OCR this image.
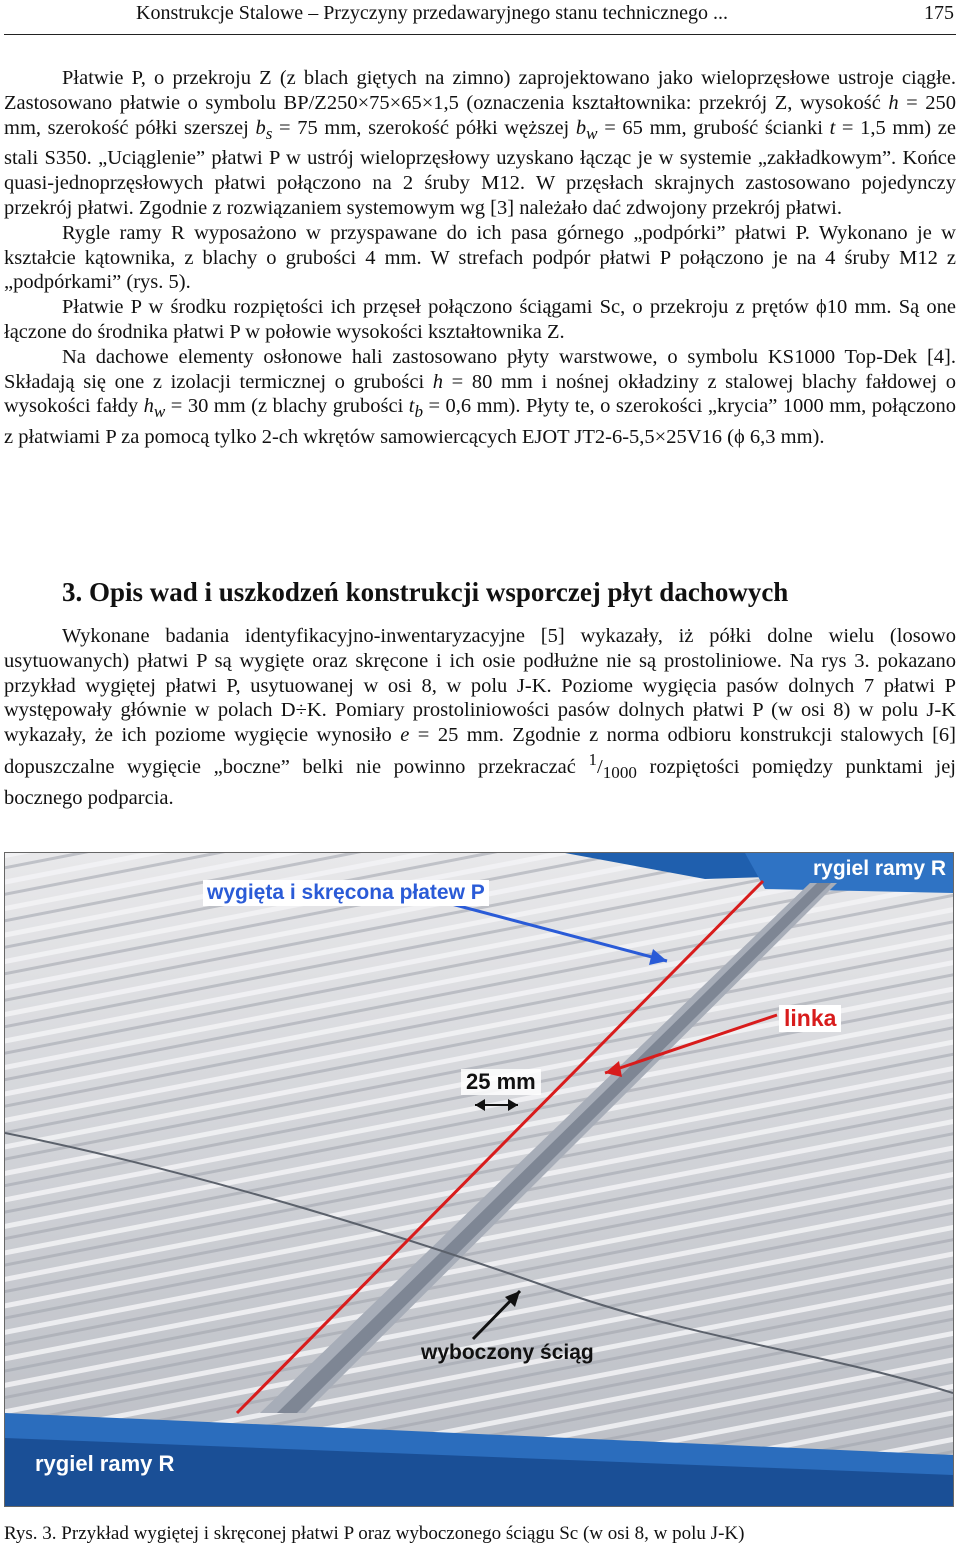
Konstrukcje Stalowe – Przyczyny przedawaryjnego stanu technicznego ...	175

Płatwie P, o przekroju Z (z blach giętych na zimno) zaprojektowano jako wieloprzęsłowe ustroje ciągłe. Zastosowano płatwie o symbolu BP/Z250×75×65×1,5 (oznaczenia kształtownika: przekrój Z, wysokość h = 250 mm, szerokość półki szerszej $b_s = 75$ mm, szerokość półki węższej $b_w = 65$ mm, grubość ścianki t = 1,5 mm) ze stali S350. „Uciąglenie” płatwi P w ustrój wieloprzęsłowy uzyskano łącząc je w systemie „zakładkowym”. Końce quasi-jednoprzęsłowych płatwi połączono na 2 śruby M12. W przęsłach skrajnych zastosowano pojedynczy przekrój płatwi. Zgodnie z rozwiązaniem systemowym wg [3] należało dać zdwojony przekrój płatwi.

Rygle ramy R wyposażono w przyspawane do ich pasa górnego „podpórki” płatwi P. Wykonano je w kształcie kątownika, z blachy o grubości 4 mm. W strefach podpór płatwi P połączono je na 4 śruby M12 z „podpórkami” (rys. 5).

Płatwie P w środku rozpiętości ich przęseł połączono ściągami Sc, o przekroju z prętów ϕ10 mm. Są one łączone do środnika płatwi P w połowie wysokości kształtownika Z.

Na dachowe elementy osłonowe hali zastosowano płyty warstwowe, o symbolu KS1000 Top-Dek [4]. Składają się one z izolacji termicznej o grubości h = 80 mm i nośnej okładziny z stalowej blachy fałdowej o wysokości fałdy $h_w = 30$ mm (z blachy grubości $t_b = 0,6$ mm). Płyty te, o szerokości „krycia” 1000 mm, połączono z płatwiami P za pomocą tylko 2-ch wkrętów samowiercących EJOT JT2-6-5,5×25V16 (ϕ 6,3 mm).

3. Opis wad i uszkodzeń konstrukcji wsporczej płyt dachowych

Wykonane badania identyfikacyjno-inwentaryzacyjne [5] wykazały, iż półki dolne wielu (losowo usytuowanych) płatwi P są wygięte oraz skręcone i ich osie podłużne nie są prostoliniowe. Na rys 3. pokazano przykład wygiętej płatwi P, usytuowanej w osi 8, w polu J-K. Poziome wygięcia pasów dolnych 7 płatwi P występowały głównie w polach D÷K. Pomiary prostoliniowości pasów dolnych płatwi P (w osi 8) w polu J-K wykazały, że ich poziome wygięcie wynosiło e = 25 mm. Zgodnie z norma odbioru konstrukcji stalowych [6] dopuszczalne wygięcie „boczne” belki nie powinno przekraczać $^1/_{1000}$ rozpiętości pomiędzy punktami jej bocznego podparcia.

rygiel ramy R
wygięta i skręcona płatew P
linka
25 mm
wyboczony ściąg
rygiel ramy R
Rys. 3. Przykład wygiętej i skręconej płatwi P oraz wyboczonego ściągu Sc (w osi 8, w polu J-K)
